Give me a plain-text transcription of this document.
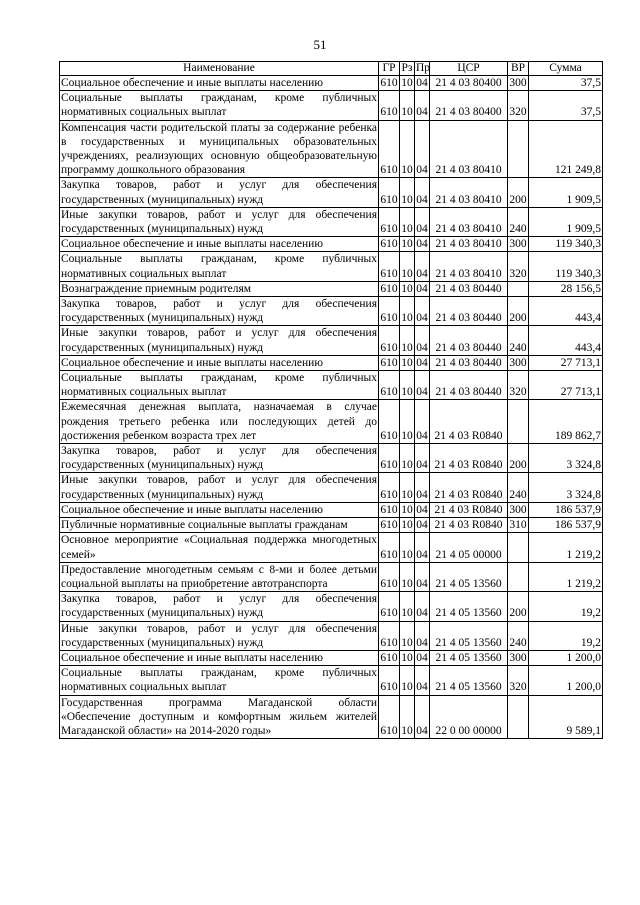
51
Наименование	ГР	Рз	Пр	ЦСР	ВР	Сумма
Социальное обеспечение и иные выплаты населению	610	10	04	21 4 03 80400	300	37,5
Социальные выплаты гражданам, кроме публичных нормативных социальных выплат	610	10	04	21 4 03 80400	320	37,5
Компенсация части родительской платы за содержание ребенка в государственных и муниципальных образовательных учреждениях, реализующих основную общеобразовательную программу дошкольного образования	610	10	04	21 4 03 80410		121 249,8
Закупка товаров, работ и услуг для обеспечения государственных (муниципальных) нужд	610	10	04	21 4 03 80410	200	1 909,5
Иные закупки товаров, работ и услуг для обеспечения государственных (муниципальных) нужд	610	10	04	21 4 03 80410	240	1 909,5
Социальное обеспечение и иные выплаты населению	610	10	04	21 4 03 80410	300	119 340,3
Социальные выплаты гражданам, кроме публичных нормативных социальных выплат	610	10	04	21 4 03 80410	320	119 340,3
Вознаграждение приемным родителям	610	10	04	21 4 03 80440		28 156,5
Закупка товаров, работ и услуг для обеспечения государственных (муниципальных) нужд	610	10	04	21 4 03 80440	200	443,4
Иные закупки товаров, работ и услуг для обеспечения государственных (муниципальных) нужд	610	10	04	21 4 03 80440	240	443,4
Социальное обеспечение и иные выплаты населению	610	10	04	21 4 03 80440	300	27 713,1
Социальные выплаты гражданам, кроме публичных нормативных социальных выплат	610	10	04	21 4 03 80440	320	27 713,1
Ежемесячная денежная выплата, назначаемая в случае рождения третьего ребенка или последующих детей до достижения ребенком возраста трех лет	610	10	04	21 4 03 R0840		189 862,7
Закупка товаров, работ и услуг для обеспечения государственных (муниципальных) нужд	610	10	04	21 4 03 R0840	200	3 324,8
Иные закупки товаров, работ и услуг для обеспечения государственных (муниципальных) нужд	610	10	04	21 4 03 R0840	240	3 324,8
Социальное обеспечение и иные выплаты населению	610	10	04	21 4 03 R0840	300	186 537,9
Публичные нормативные социальные выплаты гражданам	610	10	04	21 4 03 R0840	310	186 537,9
Основное мероприятие «Социальная поддержка многодетных семей»	610	10	04	21 4 05 00000		1 219,2
Предоставление многодетным семьям с 8-ми и более детьми социальной выплаты на приобретение автотранспорта	610	10	04	21 4 05 13560		1 219,2
Закупка товаров, работ и услуг для обеспечения государственных (муниципальных) нужд	610	10	04	21 4 05 13560	200	19,2
Иные закупки товаров, работ и услуг для обеспечения государственных (муниципальных) нужд	610	10	04	21 4 05 13560	240	19,2
Социальное обеспечение и иные выплаты населению	610	10	04	21 4 05 13560	300	1 200,0
Социальные выплаты гражданам, кроме публичных нормативных социальных выплат	610	10	04	21 4 05 13560	320	1 200,0
Государственная программа Магаданской области «Обеспечение доступным и комфортным жильем жителей Магаданской области» на 2014-2020 годы»	610	10	04	22 0 00 00000		9 589,1
